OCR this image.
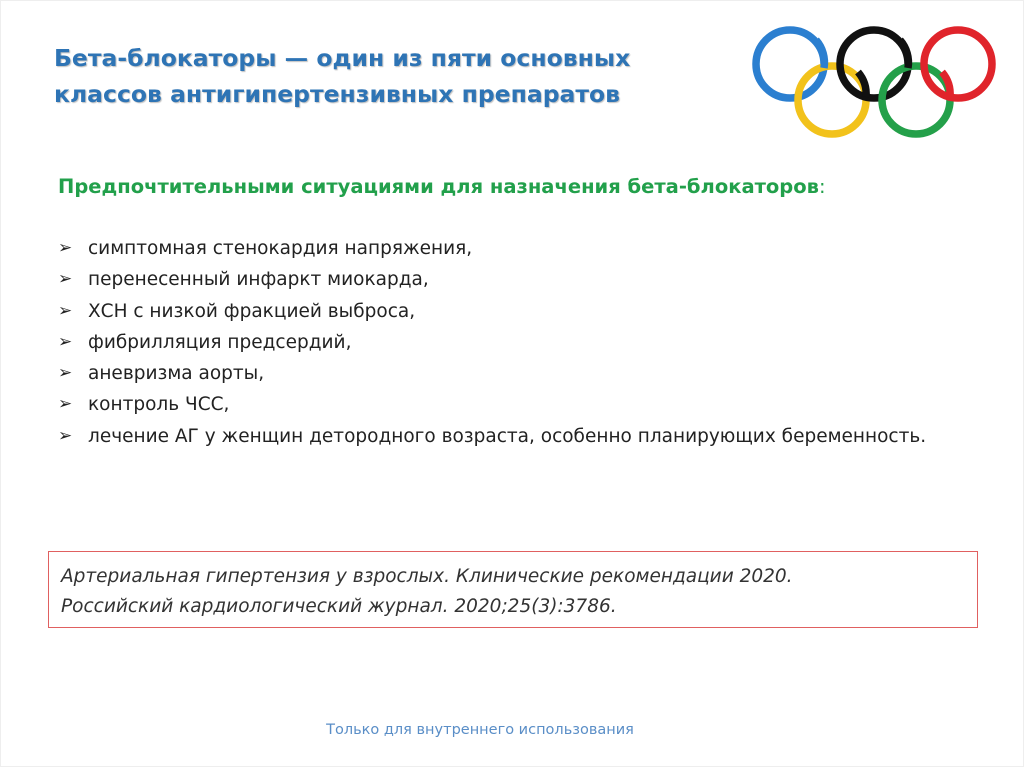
Бета-блокаторы — один из пяти основных
классов антигипертензивных препаратов
Предпочтительными ситуациями для назначения бета-блокаторов:
➢ симптомная стенокардия напряжения,
➢ перенесенный инфаркт миокарда,
➢ ХСН с низкой фракцией выброса,
➢ фибрилляция предсердий,
➢ аневризма аорты,
➢ контроль ЧСС,
➢ лечение АГ у женщин детородного возраста, особенно планирующих беременность.
Артериальная гипертензия у взрослых. Клинические рекомендации 2020.
Российский кардиологический журнал. 2020;25(3):3786.
Только для внутреннего использования
